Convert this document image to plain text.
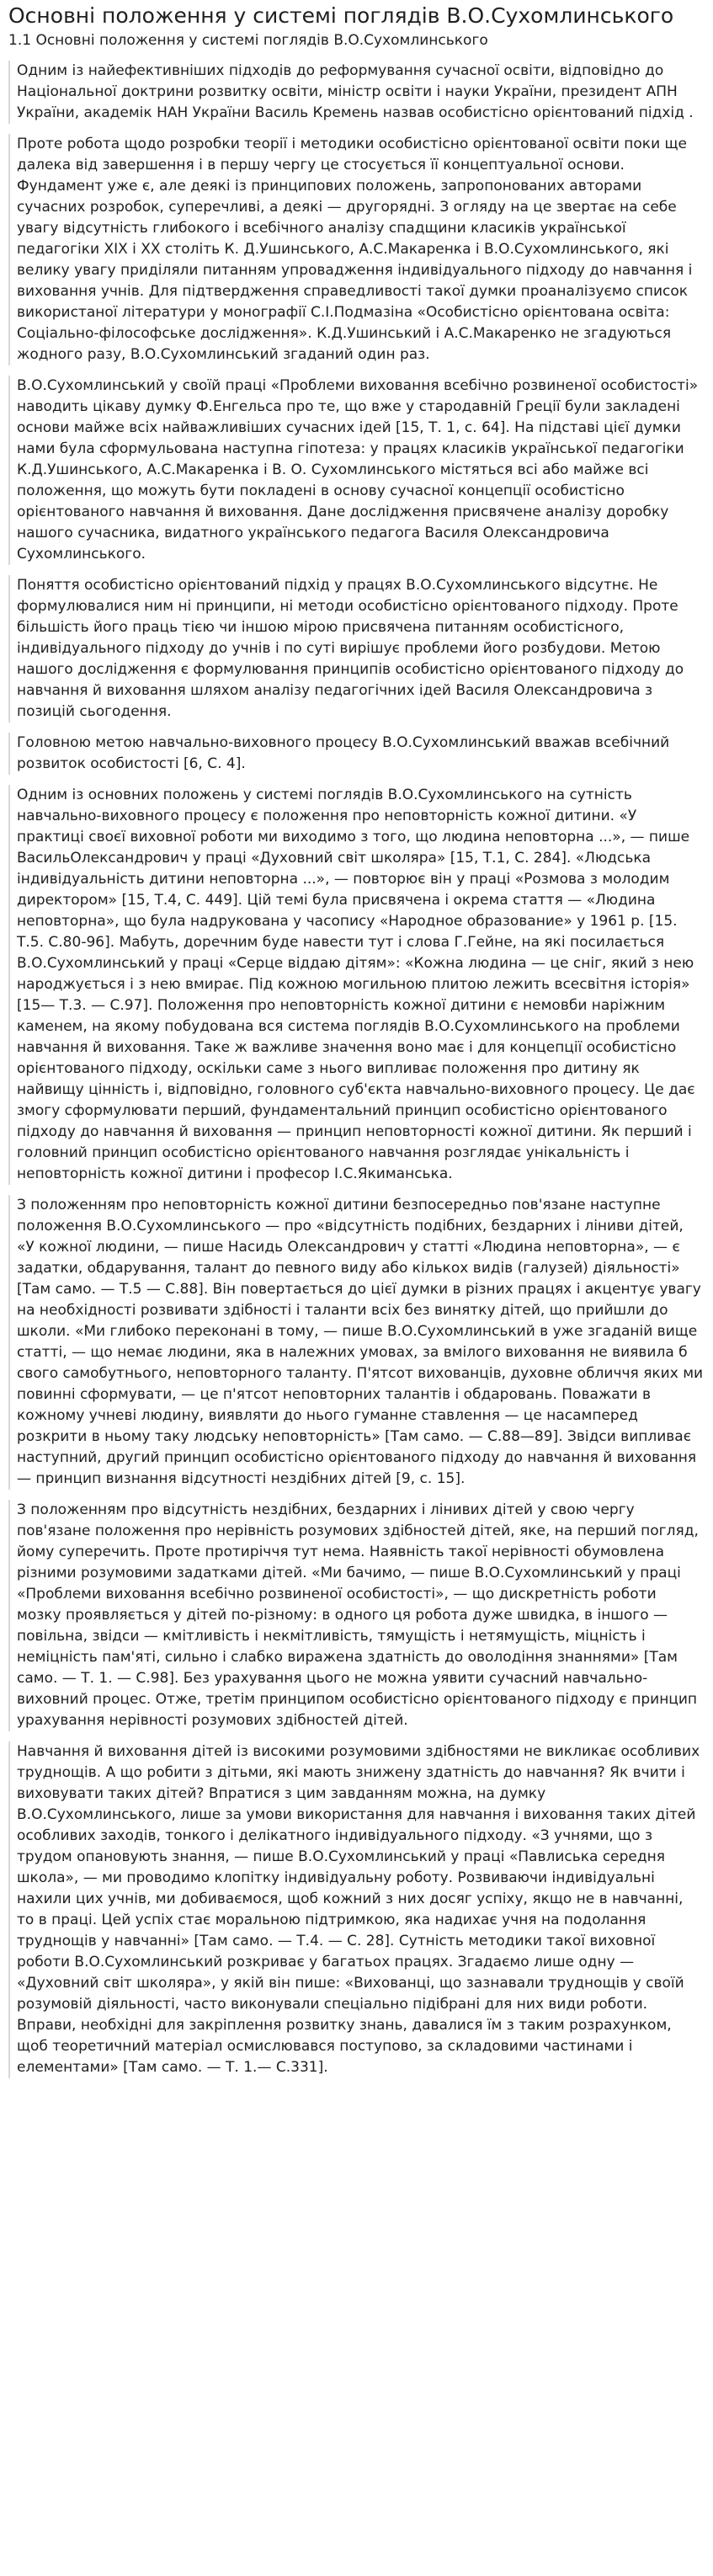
Основні положення у системі поглядів В.О.Сухомлинського
1.1 Основні положення у системі поглядів В.О.Сухомлинського

Одним із найефективніших підходів до реформування сучасної освіти, відповідно до Національної доктрини розвитку освіти, міністр освіти і науки України, президент АПН України, академік НАН України Василь Кремень назвав особистісно орієнтований підхід .

Проте робота щодо розробки теорії і методики особистісно орієнтованої освіти поки ще далека від завершення і в першу чергу це стосується її концептуальної основи. Фундамент уже є, але деякі із принципових положень, запропонованих авторами сучасних розробок, суперечливі, а деякі — другорядні. З огляду на це звертає на себе увагу відсутність глибокого і всебічного аналізу спадщини класиків української педагогіки XIX і XX століть К. Д.Ушинського, А.С.Макаренка і В.О.Сухомлинського, які велику увагу приділяли питанням упровадження індивідуального підходу до навчання і виховання учнів. Для підтвердження справедливості такої думки проаналізуємо список використаної літератури у монографії С.І.Подмазіна «Особистісно орієнтована освіта: Соціально-філософське дослідження». К.Д.Ушинський і А.С.Макаренко не згадуються жодного разу, В.О.Сухомлинський згаданий один раз.

В.О.Сухомлинський у своїй праці «Проблеми виховання всебічно розвиненої особистості» наводить цікаву думку Ф.Енгельса про те, що вже у стародавній Греції були закладені основи майже всіх найважливіших сучасних ідей [15, Т. 1, с. 64]. На підставі цієї думки нами була сформульована наступна гіпотеза: у працях класиків української педагогіки К.Д.Ушинського, А.С.Макаренка і В. О. Сухомлинського містяться всі або майже всі положення, що можуть бути покладені в основу сучасної концепції особистісно орієнтованого навчання й виховання. Дане дослідження присвячене аналізу доробку нашого сучасника, видатного українського педагога Василя Олександровича Сухомлинського.

Поняття особистісно орієнтований підхід у працях В.О.Сухомлинського відсутнє. Не формулювалися ним ні принципи, ні методи особистісно орієнтованого підходу. Проте більшість його праць тією чи іншою мірою присвячена питанням особистісного, індивідуального підходу до учнів і по суті вирішує проблеми його розбудови. Метою нашого дослідження є формулювання принципів особистісно орієнтованого підходу до навчання й виховання шляхом аналізу педагогічних ідей Василя Олександровича з позицій сьогодення.

Головною метою навчально-виховного процесу В.О.Сухомлинський вважав всебічний розвиток особистості [6, С. 4].

Одним із основних положень у системі поглядів В.О.Сухомлинського на сутність навчально-виховного процесу є положення про неповторність кожної дитини. «У практиці своєї виховної роботи ми виходимо з того, що людина неповторна ...», — пише ВасильОлександрович у праці «Духовний світ школяра» [15, Т.1, С. 284]. «Людська індивідуальність дитини неповторна ...», — повторює він у праці «Розмова з молодим директором» [15, Т.4, С. 449]. Цій темі була присвячена і окрема стаття — «Людина неповторна», що була надрукована у часопису «Народное образование» у 1961 р. [15. Т.5. С.80-96]. Мабуть, доречним буде навести тут і слова Г.Гейне, на які посилається В.О.Сухомлинський у праці «Серце віддаю дітям»: «Кожна людина — це сніг, який з нею народжується і з нею вмирає. Під кожною могильною плитою лежить всесвітня історія» [15— Т.3. — С.97]. Положення про неповторність кожної дитини є немовби наріжним каменем, на якому побудована вся система поглядів В.О.Сухомлинського на проблеми навчання й виховання. Таке ж важливе значення воно має і для концепції особистісно орієнтованого підходу, оскільки саме з нього випливає положення про дитину як найвищу цінність і, відповідно, головного суб'єкта навчально-виховного процесу. Це дає змогу сформулювати перший, фундаментальний принцип особистісно орієнтованого підходу до навчання й виховання — принцип неповторності кожної дитини. Як перший і головний принцип особистісно орієнтованого навчання розглядає унікальність і неповторність кожної дитини і професор І.С.Якиманська.

З положенням про неповторність кожної дитини безпосередньо пов'язане наступне положення В.О.Сухомлинського — про «відсутність подібних, бездарних і ліниви дітей, «У кожної людини, — пише Насидь Олександрович у статті «Людина неповторна», — є задатки, обдарування, талант до певного виду або кількох видів (галузей) діяльності» [Там само. — Т.5 — С.88]. Він повертається до цієї думки в різних працях і акцентує увагу на необхідності розвивати здібності і таланти всіх без винятку дітей, що прийшли до школи. «Ми глибоко переконані в тому, — пише В.О.Сухомлинський в уже згаданій вище статті, — що немає людини, яка в належних умовах, за вмілого виховання не виявила б свого самобутнього, неповторного таланту. П'ятсот вихованців, духовне обличчя яких ми повинні сформувати, — це п'ятсот неповторних талантів і обдаровань. Поважати в кожному учневі людину, виявляти до нього гуманне ставлення — це насамперед розкрити в ньому таку людську неповторність» [Там само. — С.88—89]. Звідси випливає наступний, другий принцип особистісно орієнтованого підходу до навчання й виховання — принцип визнання відсутності нездібних дітей [9, с. 15].

З положенням про відсутність нездібних, бездарних і лінивих дітей у свою чергу пов'язане положення про нерівність розумових здібностей дітей, яке, на перший погляд, йому суперечить. Проте протиріччя тут нема. Наявність такої нерівності обумовлена різними розумовими задатками дітей. «Ми бачимо, — пише В.О.Сухомлинський у праці «Проблеми виховання всебічно розвиненої особистості», — що дискретність роботи мозку проявляється у дітей по-різному: в одного ця робота дуже швидка, в іншого — повільна, звідси — кмітливість і некмітливість, тямущість і нетямущість, міцність і неміцність пам'яті, сильно і слабко виражена здатність до оволодіння знаннями» [Там само. — Т. 1. — С.98]. Без урахування цього не можна уявити сучасний навчально-виховний процес. Отже, третім принципом особистісно орієнтованого підходу є принцип урахування нерівності розумових здібностей дітей.

Навчання й виховання дітей із високими розумовими здібностями не викликає особливих труднощів. А що робити з дітьми, які мають знижену здатність до навчання? Як вчити і виховувати таких дітей? Впратися з цим завданням можна, на думку В.О.Сухомлинського, лише за умови використання для навчання і виховання таких дітей особливих заходів, тонкого і делікатного індивідуального підходу. «З учнями, що з трудом опановують знання, — пише В.О.Сухомлинський у праці «Павлиська середня школа», — ми проводимо клопітку індивідуальну роботу. Розвиваючи індивідуальні нахили цих учнів, ми добиваємося, щоб кожний з них досяг успіху, якщо не в навчанні, то в праці. Цей успіх стає моральною підтримкою, яка надихає учня на подолання труднощів у навчанні» [Там само. — Т.4. — С. 28]. Сутність методики такої виховної роботи В.О.Сухомлинський розкриває у багатьох працях. Згадаємо лише одну — «Духовний світ школяра», у якій він пише: «Вихованці, що зазнавали труднощів у своїй розумовій діяльності, часто виконували спеціально підібрані для них види роботи. Вправи, необхідні для закріплення розвитку знань, давалися їм з таким розрахунком, щоб теоретичний матеріал осмислювався поступово, за складовими частинами і елементами» [Там само. — Т. 1.— С.331].
